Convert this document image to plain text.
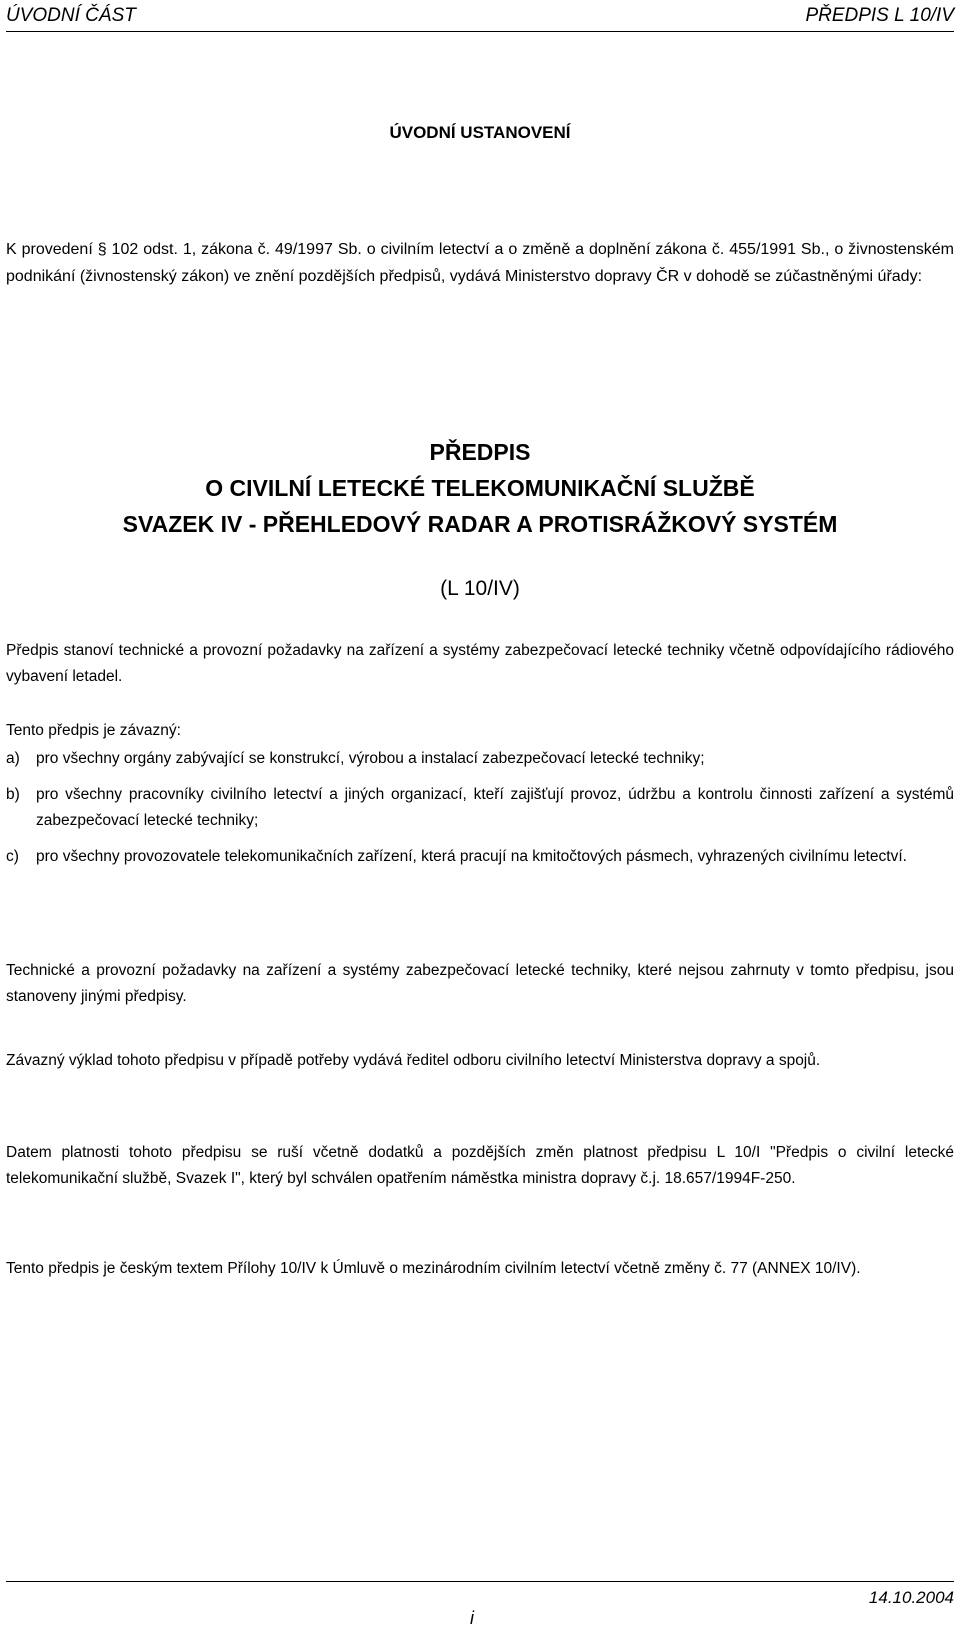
ÚVODNÍ ČÁST	PŘEDPIS L 10/IV
ÚVODNÍ USTANOVENÍ
K provedení § 102 odst. 1, zákona č. 49/1997 Sb. o civilním letectví a o změně a doplnění zákona č. 455/1991 Sb., o živnostenském podnikání (živnostenský zákon) ve znění pozdějších předpisů, vydává Ministerstvo dopravy ČR v dohodě se zúčastněnými úřady:
PŘEDPIS
O CIVILNÍ LETECKÉ TELEKOMUNIKAČNÍ SLUŽBĚ
SVAZEK IV - PŘEHLEDOVÝ RADAR A PROTISRÁŽKOVÝ SYSTÉM
(L 10/IV)
Předpis stanoví technické a provozní požadavky na zařízení a systémy zabezpečovací letecké techniky včetně odpovídajícího rádiového vybavení letadel.
Tento předpis je závazný:
a) pro všechny orgány zabývající se konstrukcí, výrobou a instalací zabezpečovací letecké techniky;
b) pro všechny pracovníky civilního letectví a jiných organizací, kteří zajišťují provoz, údržbu a kontrolu činnosti zařízení a systémů zabezpečovací letecké techniky;
c) pro všechny provozovatele telekomunikačních zařízení, která pracují na kmitočtových pásmech, vyhrazených civilnímu letectví.
Technické a provozní požadavky na zařízení a systémy zabezpečovací letecké techniky, které nejsou zahrnuty v tomto předpisu, jsou stanoveny jinými předpisy.
Závazný výklad tohoto předpisu v případě potřeby vydává ředitel odboru civilního letectví Ministerstva dopravy a spojů.
Datem platnosti tohoto předpisu se ruší včetně dodatků a pozdějších změn platnost předpisu L 10/I "Předpis o civilní letecké telekomunikační službě, Svazek I", který byl schválen opatřením náměstka ministra dopravy č.j. 18.657/1994F-250.
Tento předpis je českým textem Přílohy 10/IV k Úmluvě o mezinárodním civilním letectví včetně změny č. 77 (ANNEX 10/IV).
14.10.2004
i
